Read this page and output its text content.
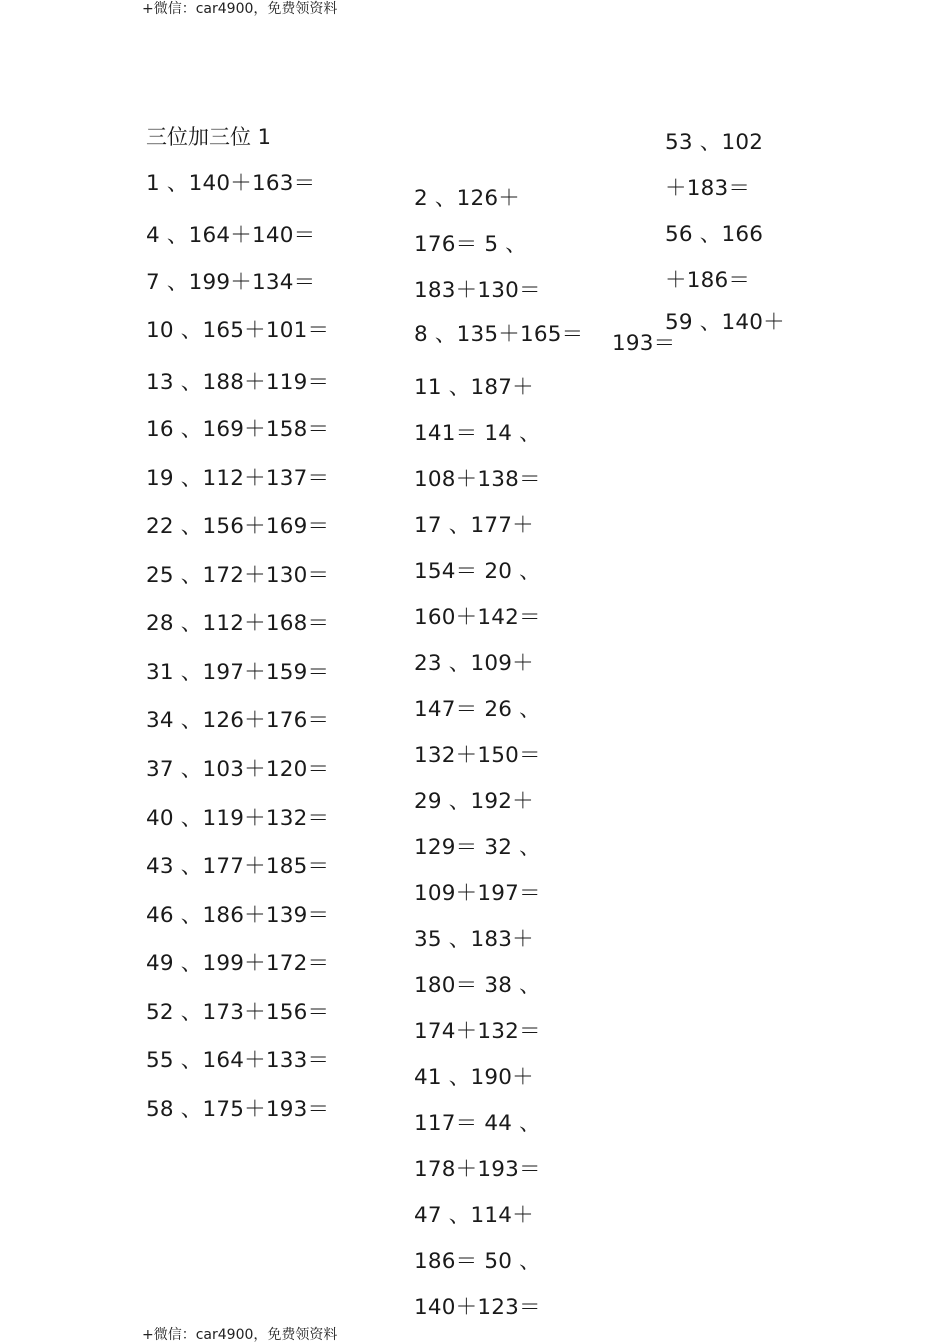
+微信：car4900，免费领资料
三位加三位 1
1 、140＋163＝
4 、164＋140＝
7 、199＋134＝
10 、165＋101＝
13 、188＋119＝
16 、169＋158＝
19 、112＋137＝
22 、156＋169＝
25 、172＋130＝
28 、112＋168＝
31 、197＋159＝
34 、126＋176＝
37 、103＋120＝
40 、119＋132＝
43 、177＋185＝
46 、186＋139＝
49 、199＋172＝
52 、173＋156＝
55 、164＋133＝
58 、175＋193＝
2 、126＋
176＝ 5 、
183＋130＝
8 、135＋165＝
11 、187＋
141＝ 14 、
108＋138＝
17 、177＋
154＝ 20 、
160＋142＝
23 、109＋
147＝ 26 、
132＋150＝
29 、192＋
129＝ 32 、
109＋197＝
35 、183＋
180＝ 38 、
174＋132＝
41 、190＋
117＝ 44 、
178＋193＝
47 、114＋
186＝ 50 、
140＋123＝
53 、102
＋183＝
56 、166
＋186＝
59 、140＋
193＝
+微信：car4900，免费领资料
